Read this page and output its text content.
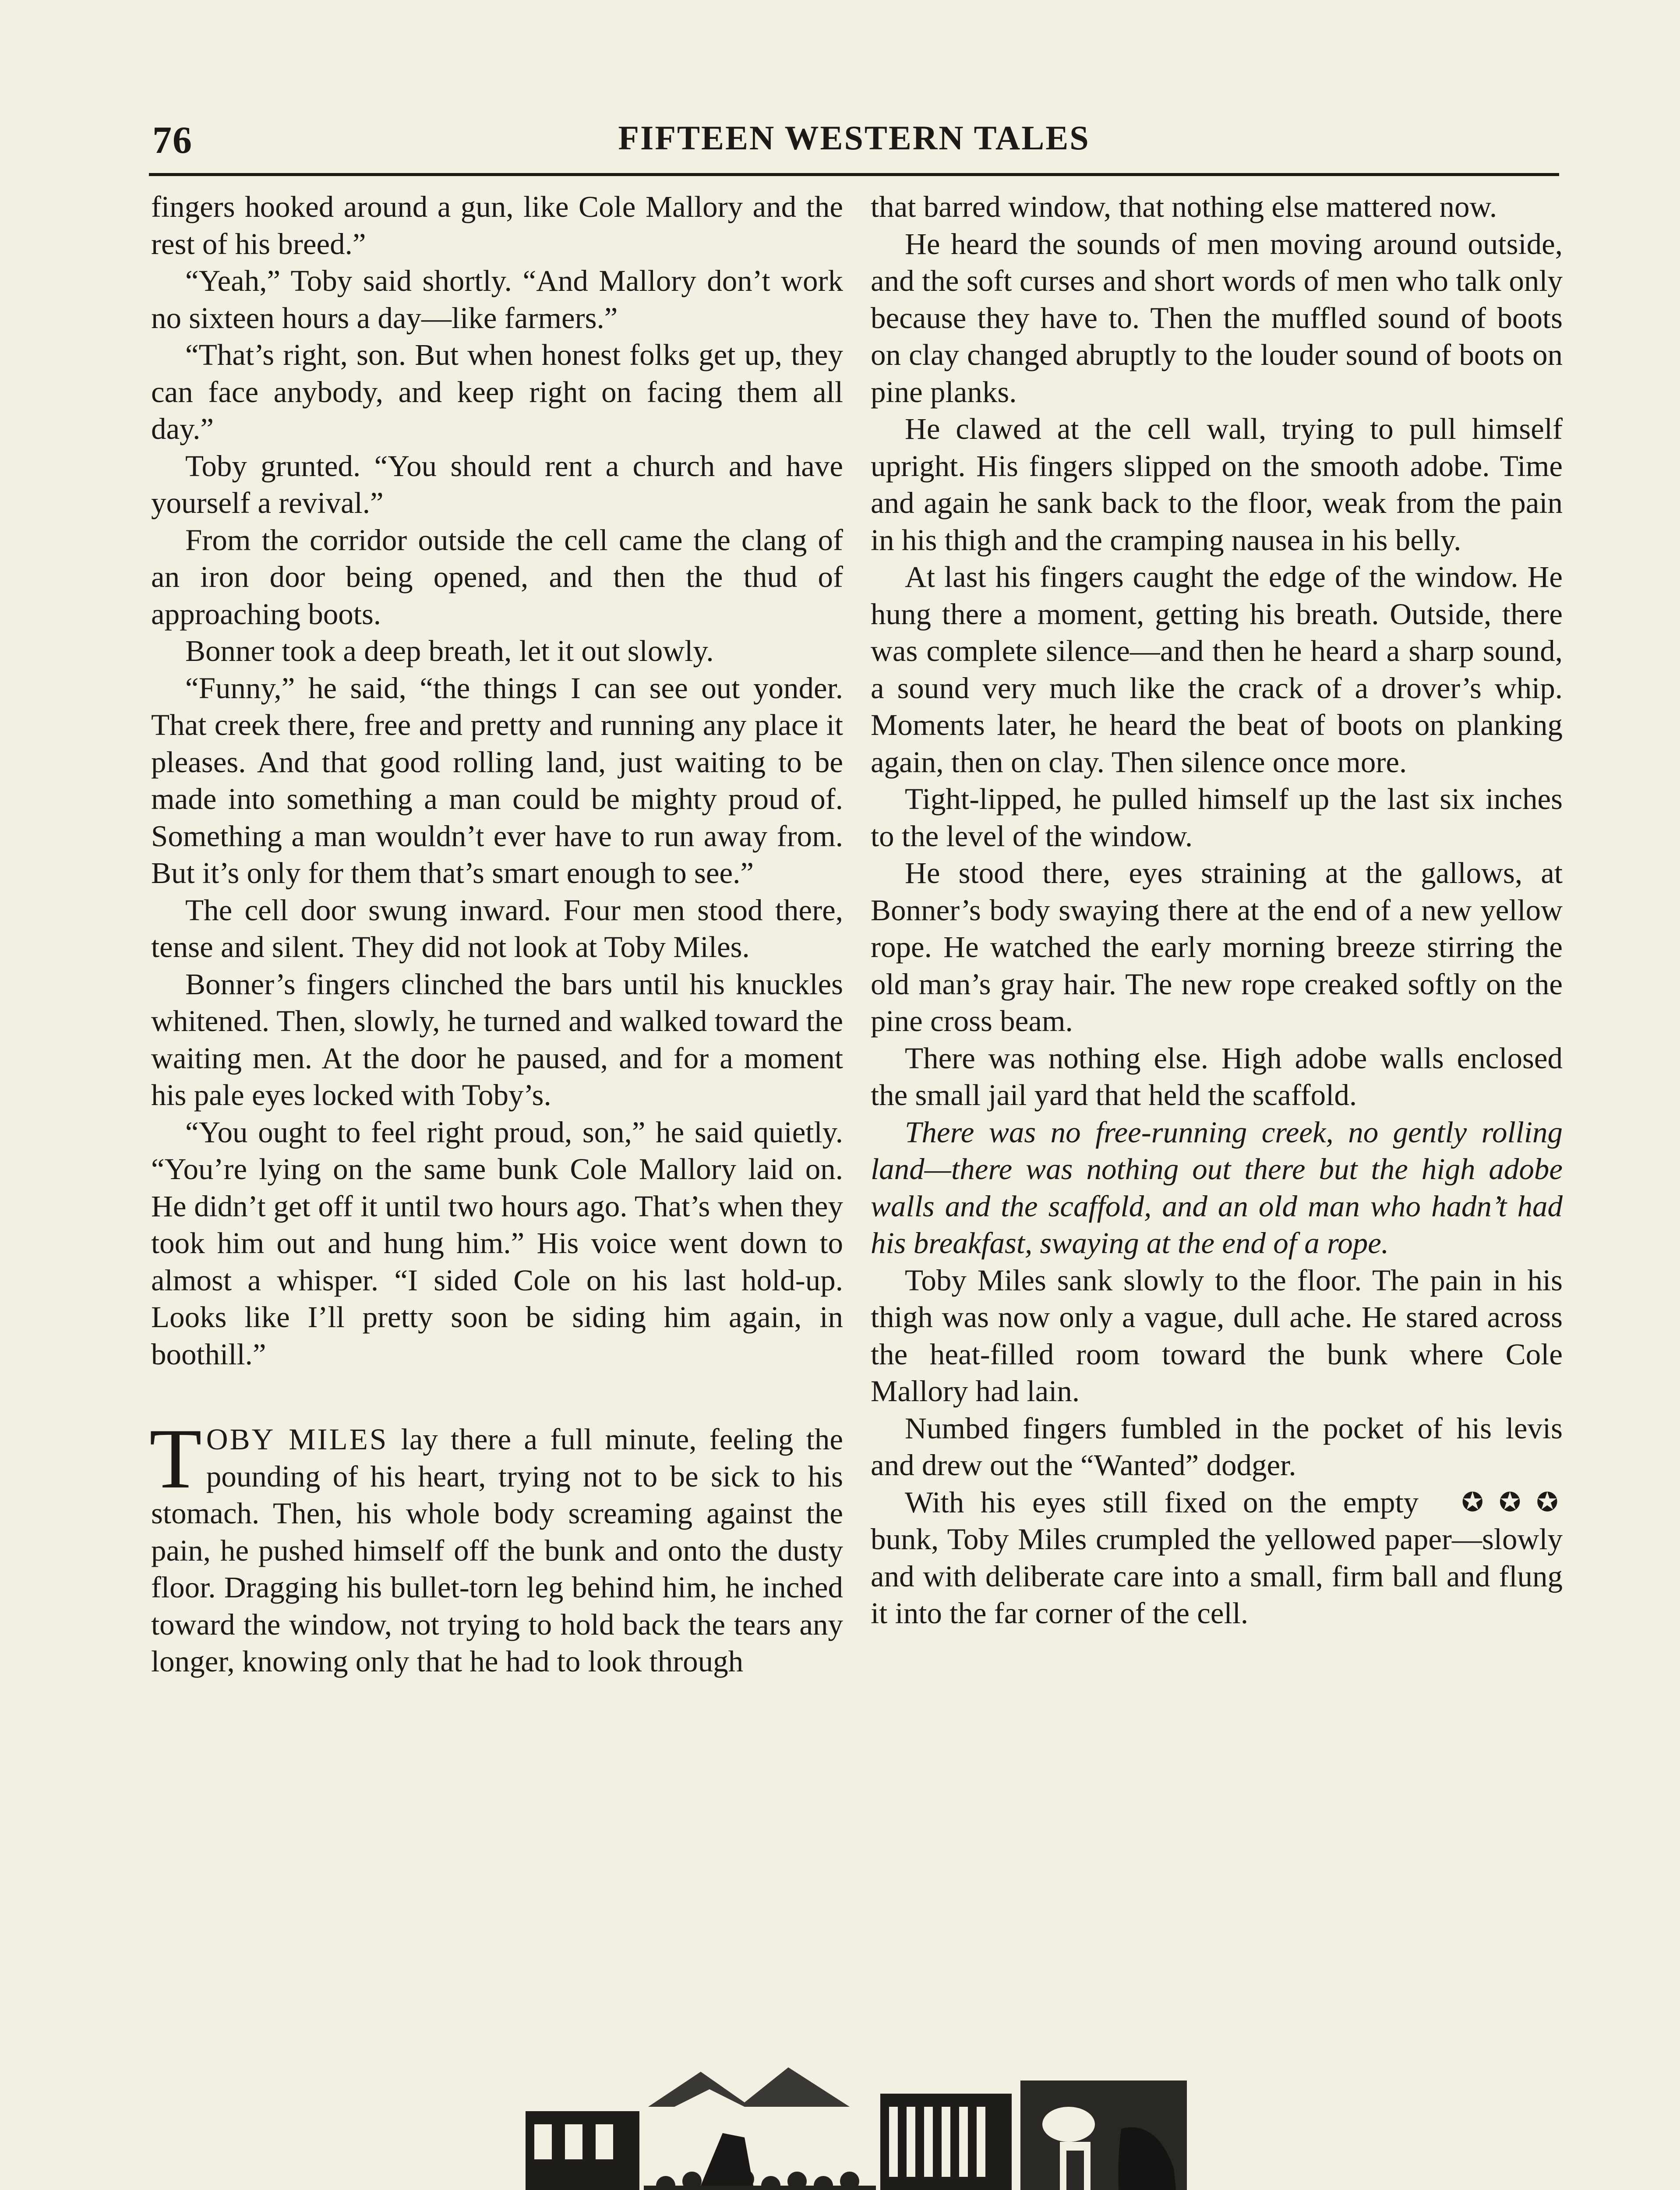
76	FIFTEEN WESTERN TALES

fingers hooked around a gun, like Cole Mallory and the rest of his breed.”

“Yeah,” Toby said shortly. “And Mallory don’t work no sixteen hours a day—like farmers.”

“That’s right, son. But when honest folks get up, they can face anybody, and keep right on facing them all day.”

Toby grunted. “You should rent a church and have yourself a revival.”

From the corridor outside the cell came the clang of an iron door being opened, and then the thud of approaching boots.

Bonner took a deep breath, let it out slowly.

“Funny,” he said, “the things I can see out yonder. That creek there, free and pretty and running any place it pleases. And that good rolling land, just waiting to be made into something a man could be mighty proud of. Something a man wouldn’t ever have to run away from. But it’s only for them that’s smart enough to see.”

The cell door swung inward. Four men stood there, tense and silent. They did not look at Toby Miles.

Bonner’s fingers clinched the bars until his knuckles whitened. Then, slowly, he turned and walked toward the waiting men. At the door he paused, and for a moment his pale eyes locked with Toby’s.

“You ought to feel right proud, son,” he said quietly. “You’re lying on the same bunk Cole Mallory laid on. He didn’t get off it until two hours ago. That’s when they took him out and hung him.” His voice went down to almost a whisper. “I sided Cole on his last hold-up. Looks like I’ll pretty soon be siding him again, in boothill.”

TOBY MILES lay there a full minute, feeling the pounding of his heart, trying not to be sick to his stomach. Then, his whole body screaming against the pain, he pushed himself off the bunk and onto the dusty floor. Dragging his bullet-torn leg behind him, he inched toward the window, not trying to hold back the tears any longer, knowing only that he had to look through

that barred window, that nothing else mattered now.

He heard the sounds of men moving around outside, and the soft curses and short words of men who talk only because they have to. Then the muffled sound of boots on clay changed abruptly to the louder sound of boots on pine planks.

He clawed at the cell wall, trying to pull himself upright. His fingers slipped on the smooth adobe. Time and again he sank back to the floor, weak from the pain in his thigh and the cramping nausea in his belly.

At last his fingers caught the edge of the window. He hung there a moment, getting his breath. Outside, there was complete silence—and then he heard a sharp sound, a sound very much like the crack of a drover’s whip. Moments later, he heard the beat of boots on planking again, then on clay. Then silence once more.

Tight-lipped, he pulled himself up the last six inches to the level of the window.

He stood there, eyes straining at the gallows, at Bonner’s body swaying there at the end of a new yellow rope. He watched the early morning breeze stirring the old man’s gray hair. The new rope creaked softly on the pine cross beam.

There was nothing else. High adobe walls enclosed the small jail yard that held the scaffold.

There was no free-running creek, no gently rolling land—there was nothing out there but the high adobe walls and the scaffold, and an old man who hadn’t had his breakfast, swaying at the end of a rope.

Toby Miles sank slowly to the floor. The pain in his thigh was now only a vague, dull ache. He stared across the heat-filled room toward the bunk where Cole Mallory had lain.

Numbed fingers fumbled in the pocket of his levis and drew out the “Wanted” dodger.

✪ ✪ ✪
With his eyes still fixed on the empty bunk, Toby Miles crumpled the yellowed paper—slowly and with deliberate care into a small, firm ball and flung it into the far corner of the cell.
